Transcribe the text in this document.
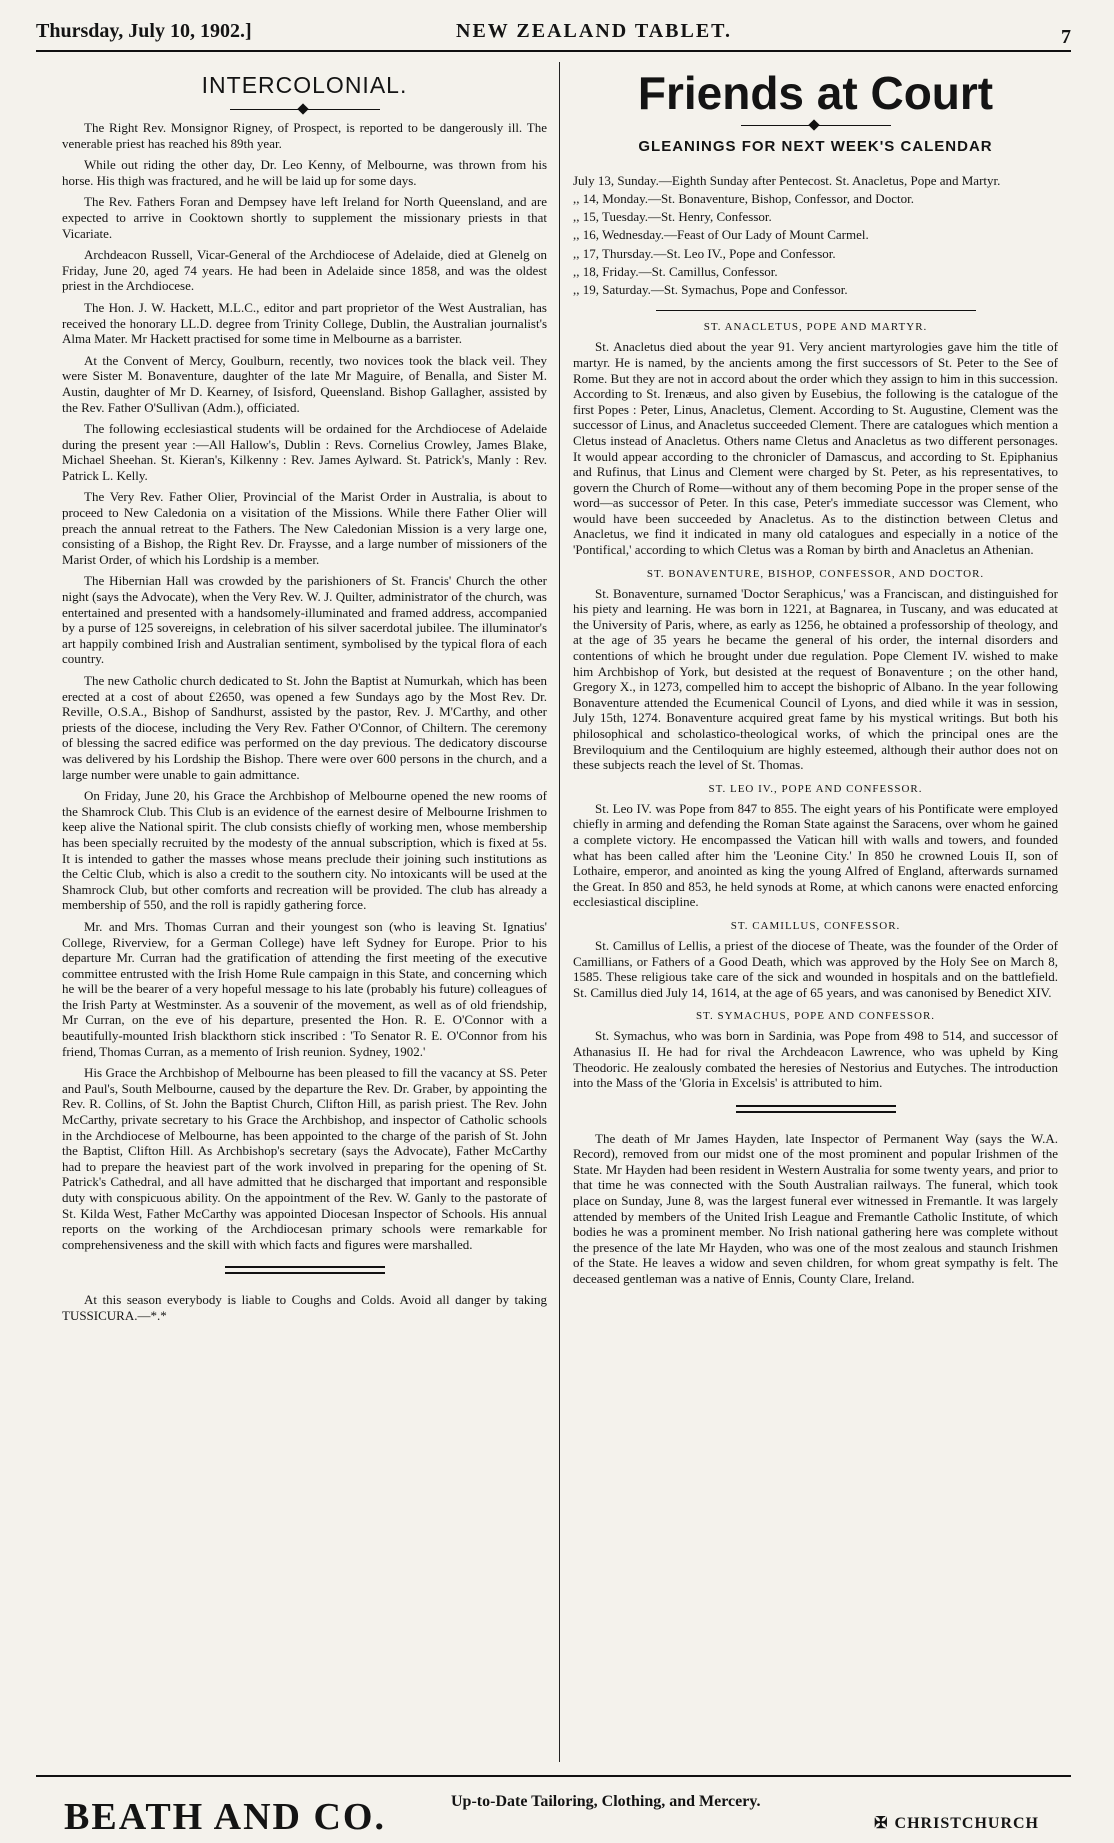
Thursday, July 10, 1902.]	NEW ZEALAND TABLET.	7
INTERCOLONIAL.

The Right Rev. Monsignor Rigney, of Prospect, is reported to be dangerously ill. The venerable priest has reached his 89th year.

While out riding the other day, Dr. Leo Kenny, of Melbourne, was thrown from his horse. His thigh was fractured, and he will be laid up for some days.

The Rev. Fathers Foran and Dempsey have left Ireland for North Queensland, and are expected to arrive in Cooktown shortly to supplement the missionary priests in that Vicariate.

Archdeacon Russell, Vicar-General of the Archdiocese of Adelaide, died at Glenelg on Friday, June 20, aged 74 years. He had been in Adelaide since 1858, and was the oldest priest in the Archdiocese.

The Hon. J. W. Hackett, M.L.C., editor and part proprietor of the West Australian, has received the honorary LL.D. degree from Trinity College, Dublin, the Australian journalist's Alma Mater. Mr Hackett practised for some time in Melbourne as a barrister.

At the Convent of Mercy, Goulburn, recently, two novices took the black veil. They were Sister M. Bonaventure, daughter of the late Mr Maguire, of Benalla, and Sister M. Austin, daughter of Mr D. Kearney, of Isisford, Queensland. Bishop Gallagher, assisted by the Rev. Father O'Sullivan (Adm.), officiated.

The following ecclesiastical students will be ordained for the Archdiocese of Adelaide during the present year :—All Hallow's, Dublin : Revs. Cornelius Crowley, James Blake, Michael Sheehan. St. Kieran's, Kilkenny : Rev. James Aylward. St. Patrick's, Manly : Rev. Patrick L. Kelly.

The Very Rev. Father Olier, Provincial of the Marist Order in Australia, is about to proceed to New Caledonia on a visitation of the Missions. While there Father Olier will preach the annual retreat to the Fathers. The New Caledonian Mission is a very large one, consisting of a Bishop, the Right Rev. Dr. Fraysse, and a large number of missioners of the Marist Order, of which his Lordship is a member.

The Hibernian Hall was crowded by the parishioners of St. Francis' Church the other night (says the Advocate), when the Very Rev. W. J. Quilter, administrator of the church, was entertained and presented with a handsomely-illuminated and framed address, accompanied by a purse of 125 sovereigns, in celebration of his silver sacerdotal jubilee. The illuminator's art happily combined Irish and Australian sentiment, symbolised by the typical flora of each country.

The new Catholic church dedicated to St. John the Baptist at Numurkah, which has been erected at a cost of about £2650, was opened a few Sundays ago by the Most Rev. Dr. Reville, O.S.A., Bishop of Sandhurst, assisted by the pastor, Rev. J. M'Carthy, and other priests of the diocese, including the Very Rev. Father O'Connor, of Chiltern. The ceremony of blessing the sacred edifice was performed on the day previous. The dedicatory discourse was delivered by his Lordship the Bishop. There were over 600 persons in the church, and a large number were unable to gain admittance.

On Friday, June 20, his Grace the Archbishop of Melbourne opened the new rooms of the Shamrock Club. This Club is an evidence of the earnest desire of Melbourne Irishmen to keep alive the National spirit. The club consists chiefly of working men, whose membership has been specially recruited by the modesty of the annual subscription, which is fixed at 5s. It is intended to gather the masses whose means preclude their joining such institutions as the Celtic Club, which is also a credit to the southern city. No intoxicants will be used at the Shamrock Club, but other comforts and recreation will be provided. The club has already a membership of 550, and the roll is rapidly gathering force.

Mr. and Mrs. Thomas Curran and their youngest son (who is leaving St. Ignatius' College, Riverview, for a German College) have left Sydney for Europe. Prior to his departure Mr. Curran had the gratification of attending the first meeting of the executive committee entrusted with the Irish Home Rule campaign in this State, and concerning which he will be the bearer of a very hopeful message to his late (probably his future) colleagues of the Irish Party at Westminster. As a souvenir of the movement, as well as of old friendship, Mr Curran, on the eve of his departure, presented the Hon. R. E. O'Connor with a beautifully-mounted Irish blackthorn stick inscribed : 'To Senator R. E. O'Connor from his friend, Thomas Curran, as a memento of Irish reunion. Sydney, 1902.'

His Grace the Archbishop of Melbourne has been pleased to fill the vacancy at SS. Peter and Paul's, South Melbourne, caused by the departure the Rev. Dr. Graber, by appointing the Rev. R. Collins, of St. John the Baptist Church, Clifton Hill, as parish priest. The Rev. John McCarthy, private secretary to his Grace the Archbishop, and inspector of Catholic schools in the Archdiocese of Melbourne, has been appointed to the charge of the parish of St. John the Baptist, Clifton Hill. As Archbishop's secretary (says the Advocate), Father McCarthy had to prepare the heaviest part of the work involved in preparing for the opening of St. Patrick's Cathedral, and all have admitted that he discharged that important and responsible duty with conspicuous ability. On the appointment of the Rev. W. Ganly to the pastorate of St. Kilda West, Father McCarthy was appointed Diocesan Inspector of Schools. His annual reports on the working of the Archdiocesan primary schools were remarkable for comprehensiveness and the skill with which facts and figures were marshalled.

At this season everybody is liable to Coughs and Colds. Avoid all danger by taking TUSSICURA.—*.*

Friends at Court
GLEANINGS FOR NEXT WEEK'S CALENDAR
July 13, Sunday.—Eighth Sunday after Pentecost. St. Anacletus, Pope and Martyr.
,, 14, Monday.—St. Bonaventure, Bishop, Confessor, and Doctor.
,, 15, Tuesday.—St. Henry, Confessor.
,, 16, Wednesday.—Feast of Our Lady of Mount Carmel.
,, 17, Thursday.—St. Leo IV., Pope and Confessor.
,, 18, Friday.—St. Camillus, Confessor.
,, 19, Saturday.—St. Symachus, Pope and Confessor.
ST. ANACLETUS, POPE AND MARTYR.

St. Anacletus died about the year 91. Very ancient martyrologies gave him the title of martyr. He is named, by the ancients among the first successors of St. Peter to the See of Rome. But they are not in accord about the order which they assign to him in this succession. According to St. Irenæus, and also given by Eusebius, the following is the catalogue of the first Popes : Peter, Linus, Anacletus, Clement. According to St. Augustine, Clement was the successor of Linus, and Anacletus succeeded Clement. There are catalogues which mention a Cletus instead of Anacletus. Others name Cletus and Anacletus as two different personages. It would appear according to the chronicler of Damascus, and according to St. Epiphanius and Rufinus, that Linus and Clement were charged by St. Peter, as his representatives, to govern the Church of Rome—without any of them becoming Pope in the proper sense of the word—as successor of Peter. In this case, Peter's immediate successor was Clement, who would have been succeeded by Anacletus. As to the distinction between Cletus and Anacletus, we find it indicated in many old catalogues and especially in a notice of the 'Pontifical,' according to which Cletus was a Roman by birth and Anacletus an Athenian.

ST. BONAVENTURE, BISHOP, CONFESSOR, AND DOCTOR.

St. Bonaventure, surnamed 'Doctor Seraphicus,' was a Franciscan, and distinguished for his piety and learning. He was born in 1221, at Bagnarea, in Tuscany, and was educated at the University of Paris, where, as early as 1256, he obtained a professorship of theology, and at the age of 35 years he became the general of his order, the internal disorders and contentions of which he brought under due regulation. Pope Clement IV. wished to make him Archbishop of York, but desisted at the request of Bonaventure ; on the other hand, Gregory X., in 1273, compelled him to accept the bishopric of Albano. In the year following Bonaventure attended the Ecumenical Council of Lyons, and died while it was in session, July 15th, 1274. Bonaventure acquired great fame by his mystical writings. But both his philosophical and scholastico-theological works, of which the principal ones are the Breviloquium and the Centiloquium are highly esteemed, although their author does not on these subjects reach the level of St. Thomas.

ST. LEO IV., POPE AND CONFESSOR.

St. Leo IV. was Pope from 847 to 855. The eight years of his Pontificate were employed chiefly in arming and defending the Roman State against the Saracens, over whom he gained a complete victory. He encompassed the Vatican hill with walls and towers, and founded what has been called after him the 'Leonine City.' In 850 he crowned Louis II, son of Lothaire, emperor, and anointed as king the young Alfred of England, afterwards surnamed the Great. In 850 and 853, he held synods at Rome, at which canons were enacted enforcing ecclesiastical discipline.

ST. CAMILLUS, CONFESSOR.

St. Camillus of Lellis, a priest of the diocese of Theate, was the founder of the Order of Camillians, or Fathers of a Good Death, which was approved by the Holy See on March 8, 1585. These religious take care of the sick and wounded in hospitals and on the battlefield. St. Camillus died July 14, 1614, at the age of 65 years, and was canonised by Benedict XIV.

ST. SYMACHUS, POPE AND CONFESSOR.

St. Symachus, who was born in Sardinia, was Pope from 498 to 514, and successor of Athanasius II. He had for rival the Archdeacon Lawrence, who was upheld by King Theodoric. He zealously combated the heresies of Nestorius and Eutyches. The introduction into the Mass of the 'Gloria in Excelsis' is attributed to him.

The death of Mr James Hayden, late Inspector of Permanent Way (says the W.A. Record), removed from our midst one of the most prominent and popular Irishmen of the State. Mr Hayden had been resident in Western Australia for some twenty years, and prior to that time he was connected with the South Australian railways. The funeral, which took place on Sunday, June 8, was the largest funeral ever witnessed in Fremantle. It was largely attended by members of the United Irish League and Fremantle Catholic Institute, of which bodies he was a prominent member. No Irish national gathering here was complete without the presence of the late Mr Hayden, who was one of the most zealous and staunch Irishmen of the State. He leaves a widow and seven children, for whom great sympathy is felt. The deceased gentleman was a native of Ennis, County Clare, Ireland.

BEATH AND CO.	Up-to-Date Tailoring, Clothing, and Mercery.
✠ CHRISTCHURCH
